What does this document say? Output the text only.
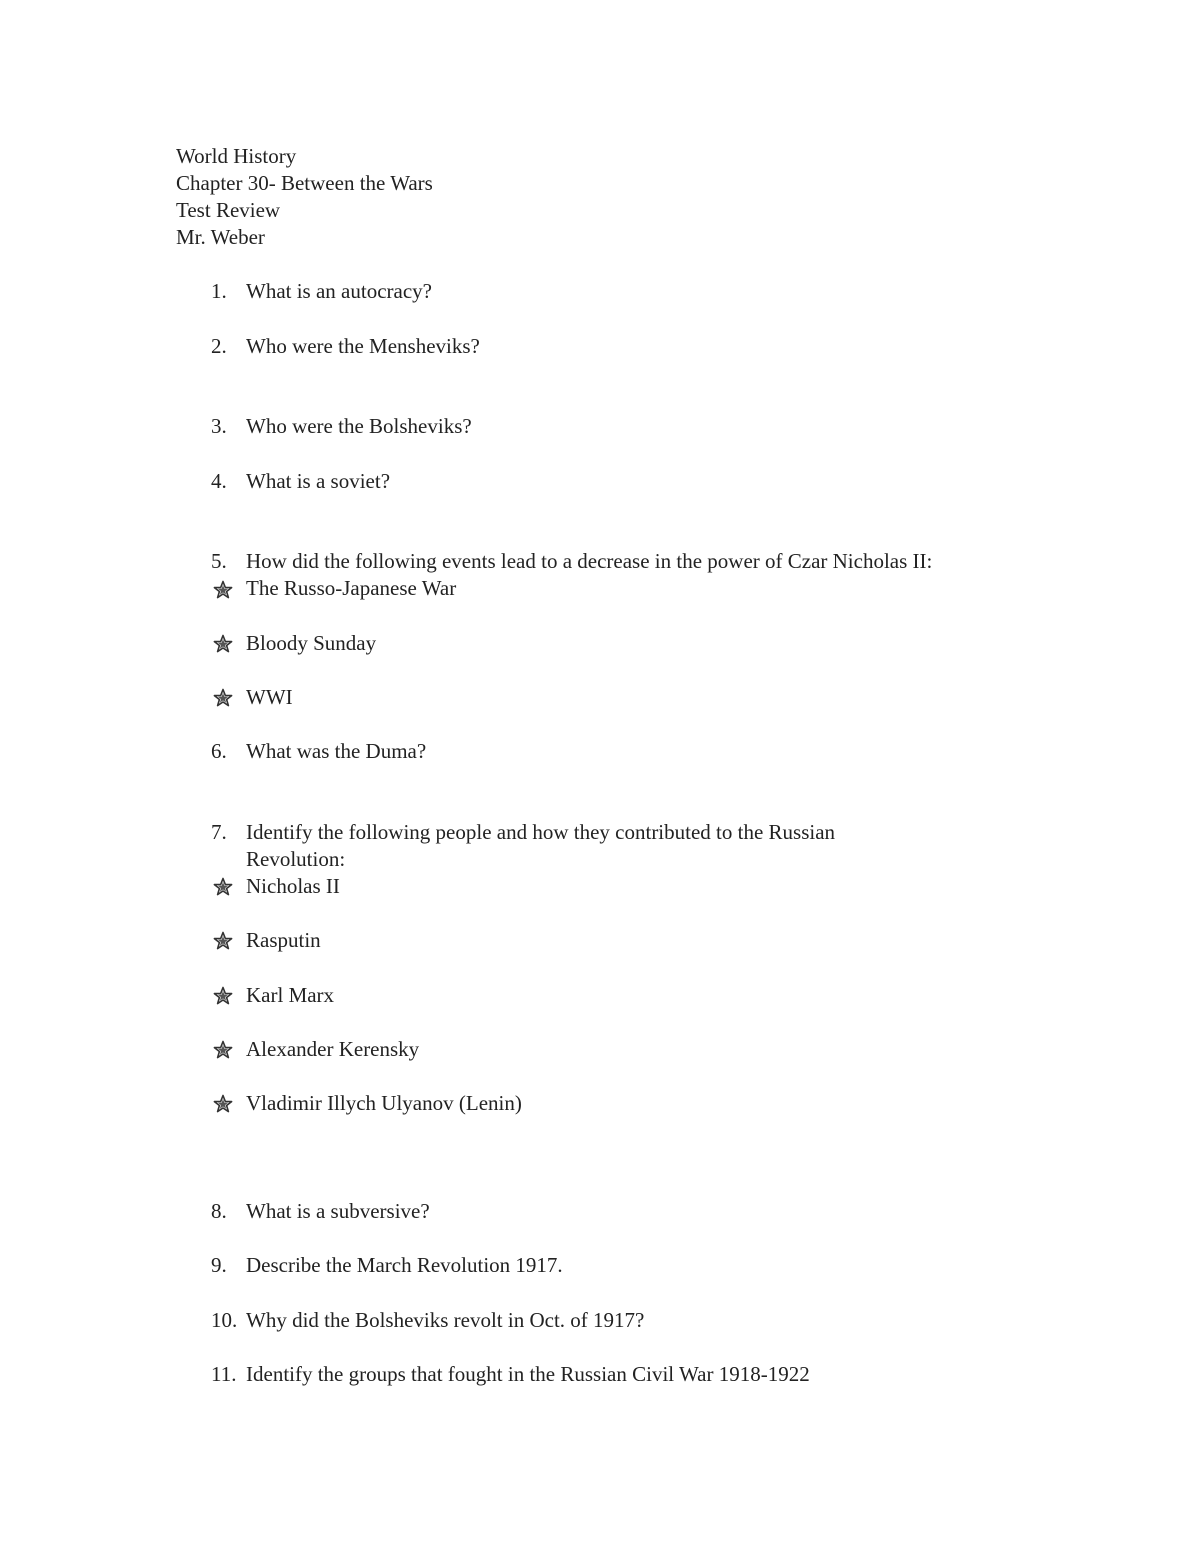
World History
Chapter 30- Between the Wars
Test Review
Mr. Weber
1. What is an autocracy?
2. Who were the Mensheviks?
3. Who were the Bolsheviks?
4. What is a soviet?
5. How did the following events lead to a decrease in the power of Czar Nicholas II:
The Russo-Japanese War
Bloody Sunday
WWI
6. What was the Duma?
7. Identify the following people and how they contributed to the Russian
Revolution:
Nicholas II
Rasputin
Karl Marx
Alexander Kerensky
Vladimir Illych Ulyanov (Lenin)
8. What is a subversive?
9. Describe the March Revolution 1917.
10. Why did the Bolsheviks revolt in Oct. of 1917?
11. Identify the groups that fought in the Russian Civil War 1918-1922
